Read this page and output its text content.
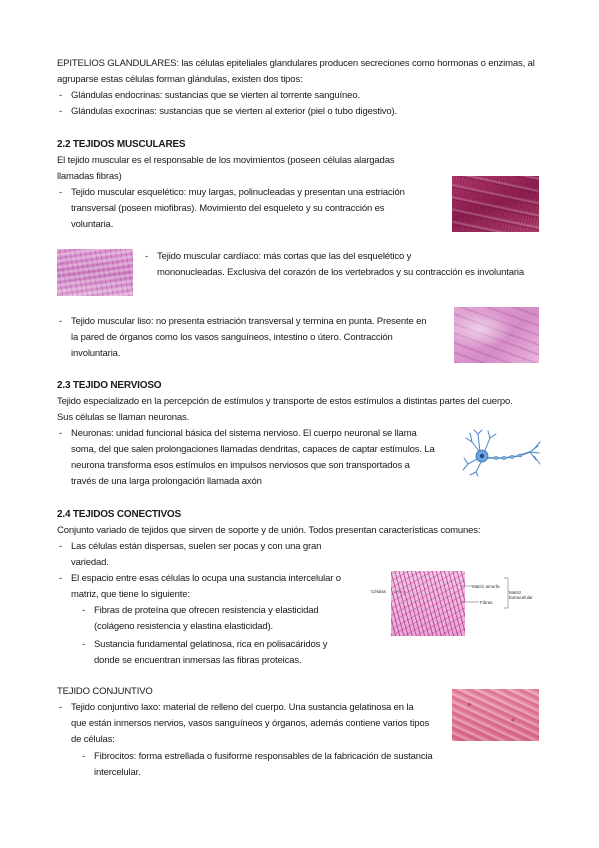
EPITELIOS GLANDULARES: las células epiteliales glandulares producen secreciones como hormonas o enzimas, al
agruparse estas células forman glándulas, existen dos tipos:
- Glándulas endocrinas: sustancias que se vierten al torrente sanguíneo.
- Glándulas exocrinas: sustancias que se vierten al exterior (piel o tubo digestivo).
2.2 TEJIDOS MUSCULARES
El tejido muscular es el responsable de los movimientos (poseen células alargadas
llamadas fibras)
- Tejido muscular esquelético: muy largas, polinucleadas y presentan una estriación
transversal (poseen miofibras). Movimiento del esqueleto y su contracción es
voluntaria.
- Tejido muscular cardíaco: más cortas que las del esquelético y
mononucleadas. Exclusiva del corazón de los vertebrados y su contracción es involuntaria
- Tejido muscular liso: no presenta estriación transversal y termina en punta. Presente en
la pared de órganos como los vasos sanguíneos, intestino o útero. Contracción
involuntaria.
2.3 TEJIDO NERVIOSO
Tejido especializado en la percepción de estímulos y transporte de estos estímulos a distintas partes del cuerpo.
Sus células se llaman neuronas.
- Neuronas: unidad funcional básica del sistema nervioso. El cuerpo neuronal se llama
soma, del que salen prolongaciones llamadas dendritas, capaces de captar estímulos. La
neurona transforma esos estímulos en impulsos nerviosos que son transportados a
través de una larga prolongación llamada axón
2.4 TEJIDOS CONECTIVOS
Conjunto variado de tejidos que sirven de soporte y de unión. Todos presentan características comunes:
- Las células están dispersas, suelen ser pocas y con una gran
variedad.
- El espacio entre esas células lo ocupa una sustancia intercelular o
matriz, que tiene lo siguiente:
- Fibras de proteína que ofrecen resistencia y elasticidad
(colágeno resistencia y elastina elasticidad).
- Sustancia fundamental gelatinosa, rica en polisacáridos y
donde se encuentran inmersas las fibras proteicas.
Células
Matriz amorfa
Fibras
Matriz Extracelular
TEJIDO CONJUNTIVO
- Tejido conjuntivo laxo: material de relleno del cuerpo. Una sustancia gelatinosa en la
que están inmersos nervios, vasos sanguíneos y órganos, además contiene varios tipos
de células:
- Fibrocitos: forma estrellada o fusiforme responsables de la fabricación de sustancia
intercelular.
